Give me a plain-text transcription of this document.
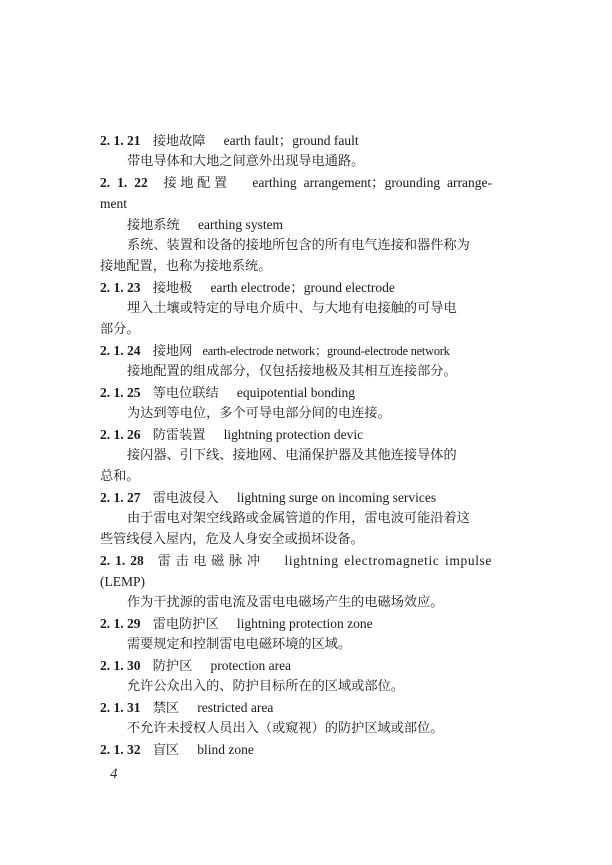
2. 1. 21 接地故障 earth fault；ground fault
带电导体和大地之间意外出现导电通路。
2. 1. 22 接地配置 earthing arrangement；grounding arrange-
ment
接地系统 earthing system
系统、装置和设备的接地所包含的所有电气连接和器件称为
接地配置，也称为接地系统。
2. 1. 23 接地极 earth electrode；ground electrode
埋入土壤或特定的导电介质中、与大地有电接触的可导电
部分。
2. 1. 24 接地网 earth-electrode network；ground-electrode network
接地配置的组成部分，仅包括接地极及其相互连接部分。
2. 1. 25 等电位联结 equipotential bonding
为达到等电位，多个可导电部分间的电连接。
2. 1. 26 防雷装置 lightning protection devic
接闪器、引下线、接地网、电涌保护器及其他连接导体的
总和。
2. 1. 27 雷电波侵入 lightning surge on incoming services
由于雷电对架空线路或金属管道的作用，雷电波可能沿着这
些管线侵入屋内，危及人身安全或损坏设备。
2. 1. 28 雷击电磁脉冲 lightning electromagnetic impulse
(LEMP)
作为干扰源的雷电流及雷电电磁场产生的电磁场效应。
2. 1. 29 雷电防护区 lightning protection zone
需要规定和控制雷电电磁环境的区域。
2. 1. 30 防护区 protection area
允许公众出入的、防护目标所在的区域或部位。
2. 1. 31 禁区 restricted area
不允许未授权人员出入（或窥视）的防护区域或部位。
2. 1. 32 盲区 blind zone
4
